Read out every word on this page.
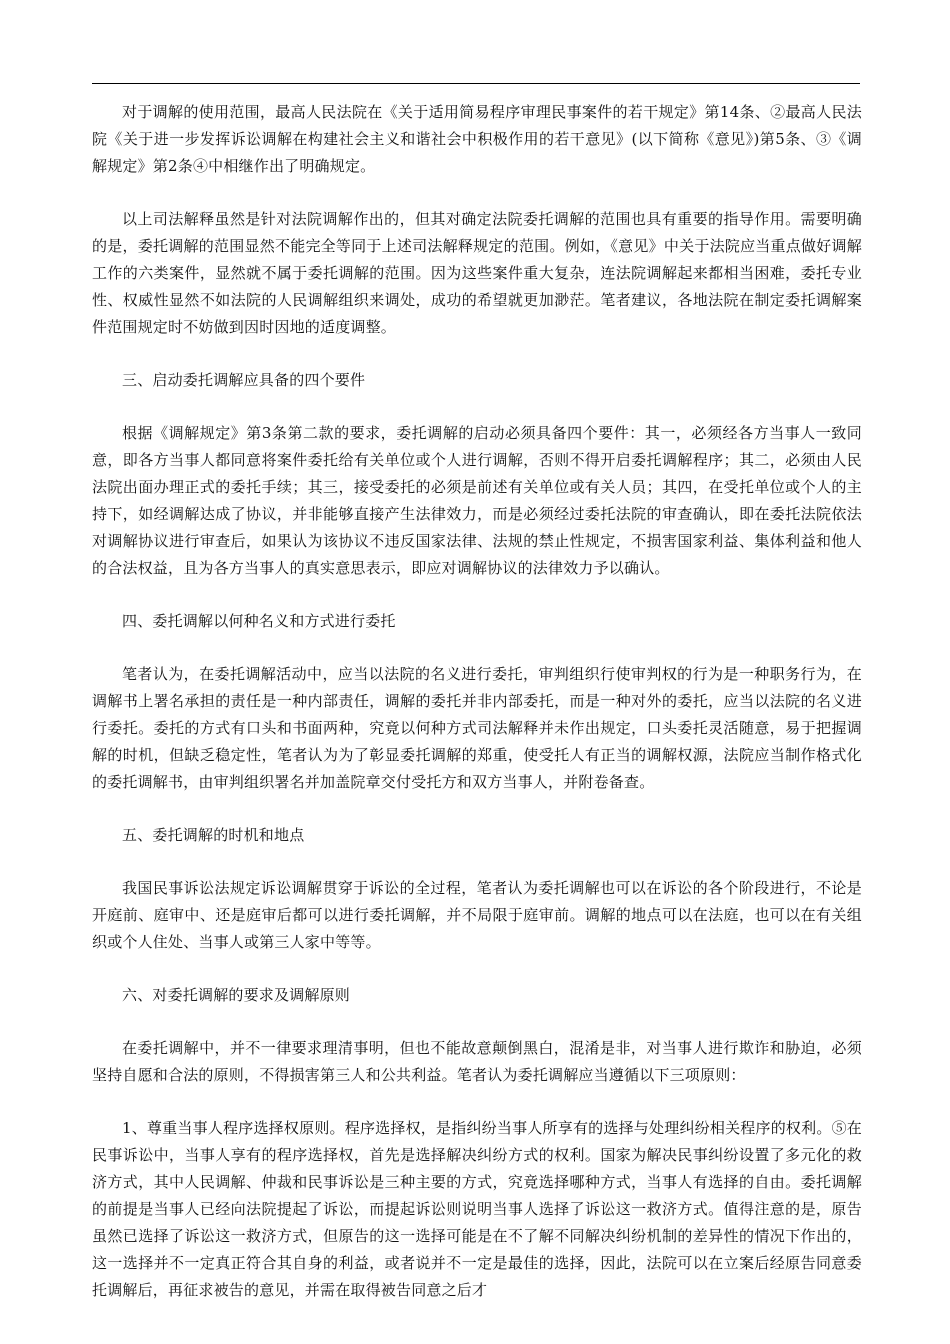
对于调解的使用范围，最高人民法院在《关于适用简易程序审理民事案件的若干规定》第14条、②最高人民法院《关于进一步发挥诉讼调解在构建社会主义和谐社会中积极作用的若干意见》(以下简称《意见》)第5条、③《调解规定》第2条④中相继作出了明确规定。

以上司法解释虽然是针对法院调解作出的，但其对确定法院委托调解的范围也具有重要的指导作用。需要明确的是，委托调解的范围显然不能完全等同于上述司法解释规定的范围。例如，《意见》中关于法院应当重点做好调解工作的六类案件，显然就不属于委托调解的范围。因为这些案件重大复杂，连法院调解起来都相当困难，委托专业性、权威性显然不如法院的人民调解组织来调处，成功的希望就更加渺茫。笔者建议，各地法院在制定委托调解案件范围规定时不妨做到因时因地的适度调整。

三、启动委托调解应具备的四个要件

根据《调解规定》第3条第二款的要求，委托调解的启动必须具备四个要件：其一，必须经各方当事人一致同意，即各方当事人都同意将案件委托给有关单位或个人进行调解，否则不得开启委托调解程序；其二，必须由人民法院出面办理正式的委托手续；其三，接受委托的必须是前述有关单位或有关人员；其四，在受托单位或个人的主持下，如经调解达成了协议，并非能够直接产生法律效力，而是必须经过委托法院的审查确认，即在委托法院依法对调解协议进行审查后，如果认为该协议不违反国家法律、法规的禁止性规定，不损害国家利益、集体利益和他人的合法权益，且为各方当事人的真实意思表示，即应对调解协议的法律效力予以确认。

四、委托调解以何种名义和方式进行委托

笔者认为，在委托调解活动中，应当以法院的名义进行委托，审判组织行使审判权的行为是一种职务行为，在调解书上署名承担的责任是一种内部责任，调解的委托并非内部委托，而是一种对外的委托，应当以法院的名义进行委托。委托的方式有口头和书面两种，究竟以何种方式司法解释并未作出规定，口头委托灵活随意，易于把握调解的时机，但缺乏稳定性，笔者认为为了彰显委托调解的郑重，使受托人有正当的调解权源，法院应当制作格式化的委托调解书，由审判组织署名并加盖院章交付受托方和双方当事人，并附卷备查。

五、委托调解的时机和地点

我国民事诉讼法规定诉讼调解贯穿于诉讼的全过程，笔者认为委托调解也可以在诉讼的各个阶段进行，不论是开庭前、庭审中、还是庭审后都可以进行委托调解，并不局限于庭审前。调解的地点可以在法庭，也可以在有关组织或个人住处、当事人或第三人家中等等。

六、对委托调解的要求及调解原则

在委托调解中，并不一律要求理清事明，但也不能故意颠倒黑白，混淆是非，对当事人进行欺诈和胁迫，必须坚持自愿和合法的原则，不得损害第三人和公共利益。笔者认为委托调解应当遵循以下三项原则：

1、尊重当事人程序选择权原则。程序选择权，是指纠纷当事人所享有的选择与处理纠纷相关程序的权利。⑤在民事诉讼中，当事人享有的程序选择权，首先是选择解决纠纷方式的权利。国家为解决民事纠纷设置了多元化的救济方式，其中人民调解、仲裁和民事诉讼是三种主要的方式，究竟选择哪种方式，当事人有选择的自由。委托调解的前提是当事人已经向法院提起了诉讼，而提起诉讼则说明当事人选择了诉讼这一救济方式。值得注意的是，原告虽然已选择了诉讼这一救济方式，但原告的这一选择可能是在不了解不同解决纠纷机制的差异性的情况下作出的，这一选择并不一定真正符合其自身的利益，或者说并不一定是最佳的选择，因此，法院可以在立案后经原告同意委托调解后，再征求被告的意见，并需在取得被告同意之后才
